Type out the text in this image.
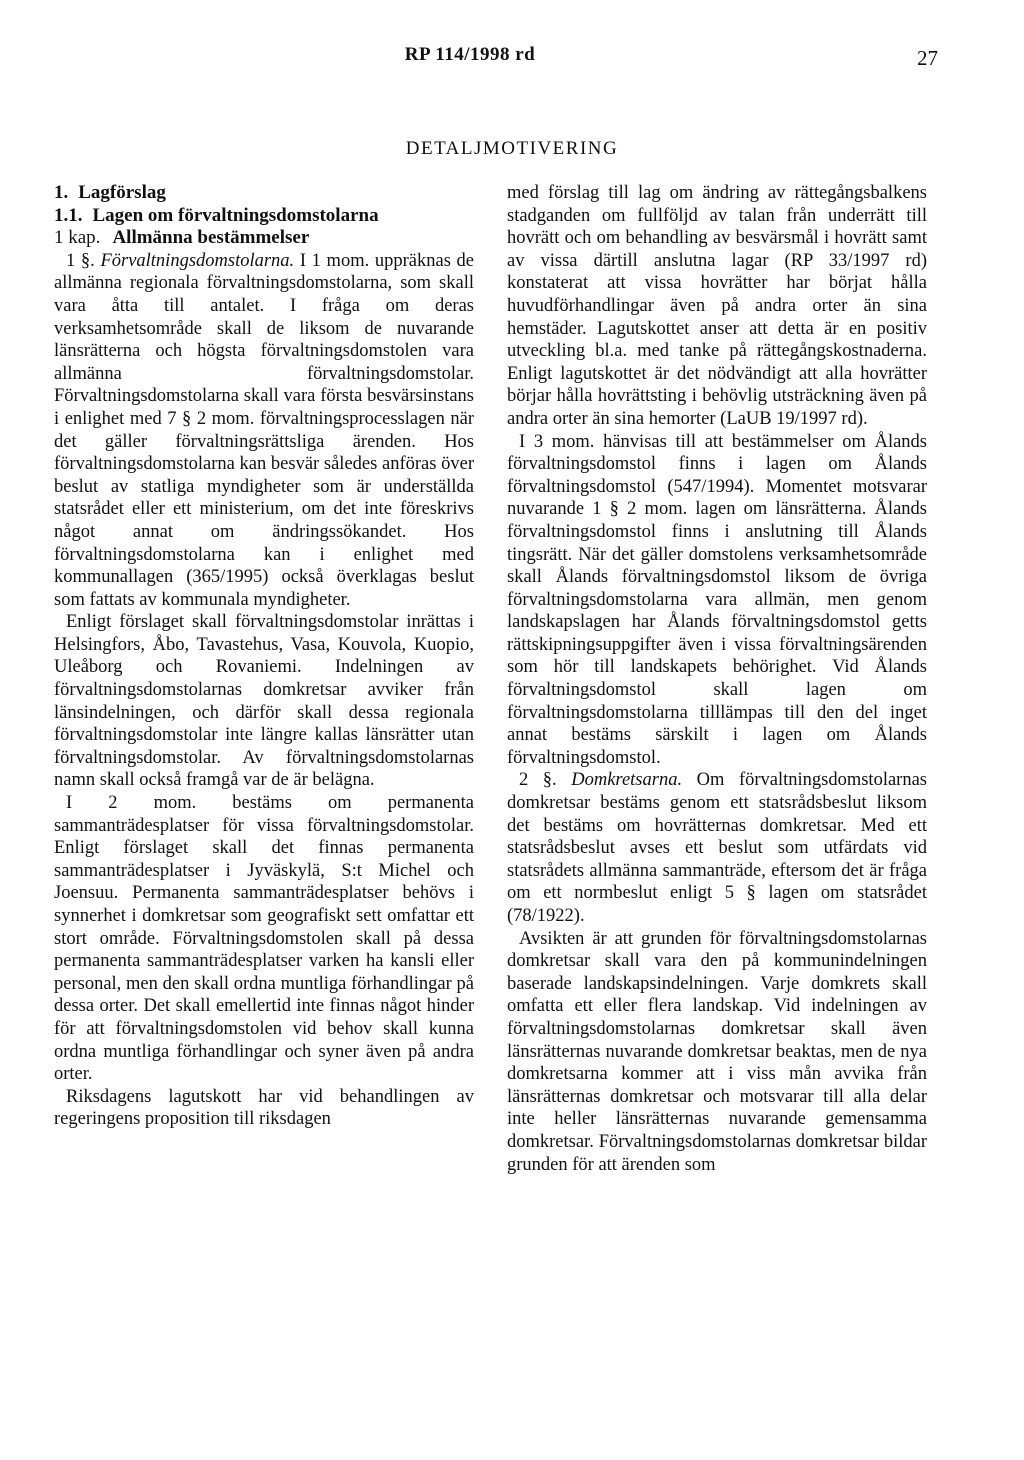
RP 114/1998 rd	27
DETALJMOTIVERING

1. Lagförslag

1.1. Lagen om förvaltningsdomstolarna

1 kap. Allmänna bestämmelser

1 §. Förvaltningsdomstolarna. I 1 mom. uppräknas de allmänna regionala förvaltningsdomstolarna, som skall vara åtta till antalet. I fråga om deras verksamhetsområde skall de liksom de nuvarande länsrätterna och högsta förvaltningsdomstolen vara allmänna förvaltningsdomstolar. Förvaltningsdomstolarna skall vara första besvärsinstans i enlighet med 7 § 2 mom. förvaltningsprocesslagen när det gäller förvaltningsrättsliga ärenden. Hos förvaltningsdomstolarna kan besvär således anföras över beslut av statliga myndigheter som är underställda statsrådet eller ett ministerium, om det inte föreskrivs något annat om ändringssökandet. Hos förvaltningsdomstolarna kan i enlighet med kommunallagen (365/1995) också överklagas beslut som fattats av kommunala myndigheter.

Enligt förslaget skall förvaltningsdomstolar inrättas i Helsingfors, Åbo, Tavastehus, Vasa, Kouvola, Kuopio, Uleåborg och Rovaniemi. Indelningen av förvaltningsdomstolarnas domkretsar avviker från länsindelningen, och därför skall dessa regionala förvaltningsdomstolar inte längre kallas länsrätter utan förvaltningsdomstolar. Av förvaltningsdomstolarnas namn skall också framgå var de är belägna.

I 2 mom. bestäms om permanenta sammanträdesplatser för vissa förvaltningsdomstolar. Enligt förslaget skall det finnas permanenta sammanträdesplatser i Jyväskylä, S:t Michel och Joensuu. Permanenta sammanträdesplatser behövs i synnerhet i domkretsar som geografiskt sett omfattar ett stort område. Förvaltningsdomstolen skall på dessa permanenta sammanträdesplatser varken ha kansli eller personal, men den skall ordna muntliga förhandlingar på dessa orter. Det skall emellertid inte finnas något hinder för att förvaltningsdomstolen vid behov skall kunna ordna muntliga förhandlingar och syner även på andra orter.

Riksdagens lagutskott har vid behandlingen av regeringens proposition till riksdagen

med förslag till lag om ändring av rättegångsbalkens stadganden om fullföljd av talan från underrätt till hovrätt och om behandling av besvärsmål i hovrätt samt av vissa därtill anslutna lagar (RP 33/1997 rd) konstaterat att vissa hovrätter har börjat hålla huvudförhandlingar även på andra orter än sina hemstäder. Lagutskottet anser att detta är en positiv utveckling bl.a. med tanke på rättegångskostnaderna. Enligt lagutskottet är det nödvändigt att alla hovrätter börjar hålla hovrättsting i behövlig utsträckning även på andra orter än sina hemorter (LaUB 19/1997 rd).

I 3 mom. hänvisas till att bestämmelser om Ålands förvaltningsdomstol finns i lagen om Ålands förvaltningsdomstol (547/1994). Momentet motsvarar nuvarande 1 § 2 mom. lagen om länsrätterna. Ålands förvaltningsdomstol finns i anslutning till Ålands tingsrätt. När det gäller domstolens verksamhetsområde skall Ålands förvaltningsdomstol liksom de övriga förvaltningsdomstolarna vara allmän, men genom landskapslagen har Ålands förvaltningsdomstol getts rättskipningsuppgifter även i vissa förvaltningsärenden som hör till landskapets behörighet. Vid Ålands förvaltningsdomstol skall lagen om förvaltningsdomstolarna tilllämpas till den del inget annat bestäms särskilt i lagen om Ålands förvaltningsdomstol.

2 §. Domkretsarna. Om förvaltningsdomstolarnas domkretsar bestäms genom ett statsrådsbeslut liksom det bestäms om hovrätternas domkretsar. Med ett statsrådsbeslut avses ett beslut som utfärdats vid statsrådets allmänna sammanträde, eftersom det är fråga om ett normbeslut enligt 5 § lagen om statsrådet (78/1922).

Avsikten är att grunden för förvaltningsdomstolarnas domkretsar skall vara den på kommunindelningen baserade landskapsindelningen. Varje domkrets skall omfatta ett eller flera landskap. Vid indelningen av förvaltningsdomstolarnas domkretsar skall även länsrätternas nuvarande domkretsar beaktas, men de nya domkretsarna kommer att i viss mån avvika från länsrätternas domkretsar och motsvarar till alla delar inte heller länsrätternas nuvarande gemensamma domkretsar. Förvaltningsdomstolarnas domkretsar bildar grunden för att ärenden som
